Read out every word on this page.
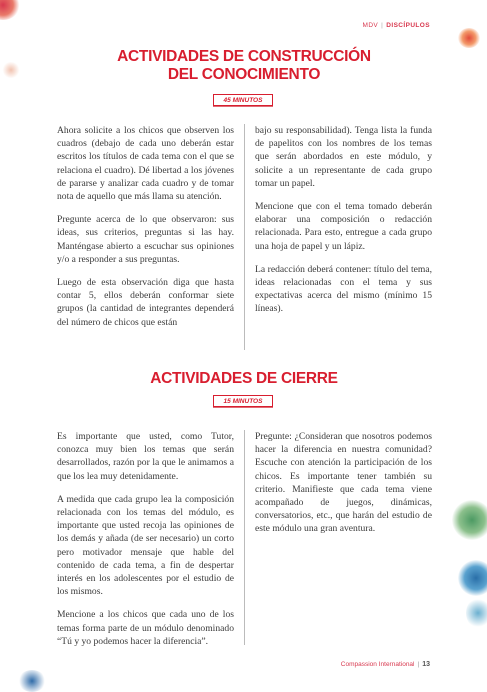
MDV | DISCÍPULOS
ACTIVIDADES DE CONSTRUCCIÓN
DEL CONOCIMIENTO
45 MINUTOS

Ahora solicite a los chicos que observen los cuadros (debajo de cada uno deberán estar escritos los títulos de cada tema con el que se relaciona el cuadro). Dé libertad a los jóvenes de pararse y analizar cada cuadro y de tomar nota de aquello que más llama su atención.

Pregunte acerca de lo que observaron: sus ideas, sus criterios, preguntas si las hay. Manténgase abierto a escuchar sus opiniones y/o a responder a sus preguntas.

Luego de esta observación diga que hasta contar 5, ellos deberán conformar siete grupos (la cantidad de integrantes dependerá del número de chicos que están

bajo su responsabilidad). Tenga lista la funda de papelitos con los nombres de los temas que serán abordados en este módulo, y solicite a un representante de cada grupo tomar un papel.

Mencione que con el tema tomado deberán elaborar una composición o redacción relacionada. Para esto, entregue a cada grupo una hoja de papel y un lápiz.

La redacción deberá contener: título del tema, ideas relacionadas con el tema y sus expectativas acerca del mismo (mínimo 15 líneas).

ACTIVIDADES DE CIERRE
15 MINUTOS

Es importante que usted, como Tutor, conozca muy bien los temas que serán desarrollados, razón por la que le animamos a que los lea muy detenidamente.

A medida que cada grupo lea la composición relacionada con los temas del módulo, es importante que usted recoja las opiniones de los demás y añada (de ser necesario) un corto pero motivador mensaje que hable del contenido de cada tema, a fin de despertar interés en los adolescentes por el estudio de los mismos.

Mencione a los chicos que cada uno de los temas forma parte de un módulo denominado “Tú y yo podemos hacer la diferencia”.

Pregunte: ¿Consideran que nosotros podemos hacer la diferencia en nuestra comunidad? Escuche con atención la participación de los chicos. Es importante tener también su criterio. Manifieste que cada tema viene acompañado de juegos, dinámicas, conversatorios, etc., que harán del estudio de este módulo una gran aventura.

Compassion International | 13
